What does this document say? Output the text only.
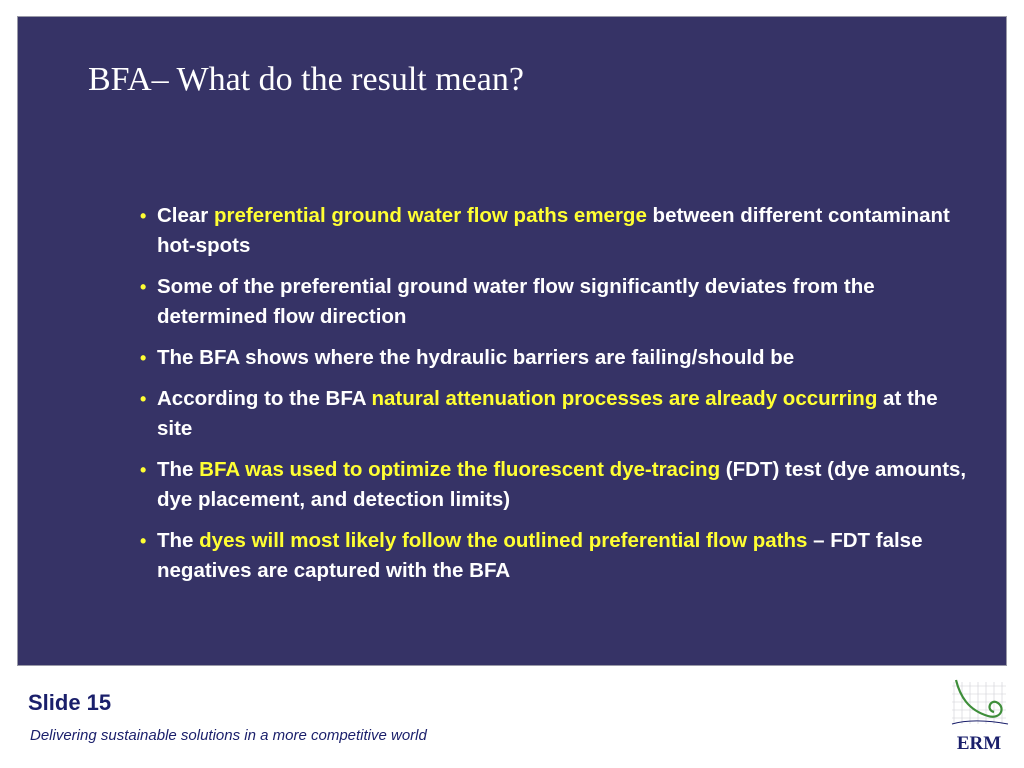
BFA– What do the result mean?
• Clear preferential ground water flow paths emerge between different contaminant hot-spots
• Some of the preferential ground water flow significantly deviates from the determined flow direction
• The BFA shows where the hydraulic barriers are failing/should be
• According to the BFA natural attenuation processes are already occurring at the site
• The BFA was used to optimize the fluorescent dye-tracing (FDT) test (dye amounts, dye placement, and detection limits)
• The dyes will most likely follow the outlined preferential flow paths – FDT false negatives are captured with the BFA
Slide 15
Delivering sustainable solutions in a more competitive world	ERM
